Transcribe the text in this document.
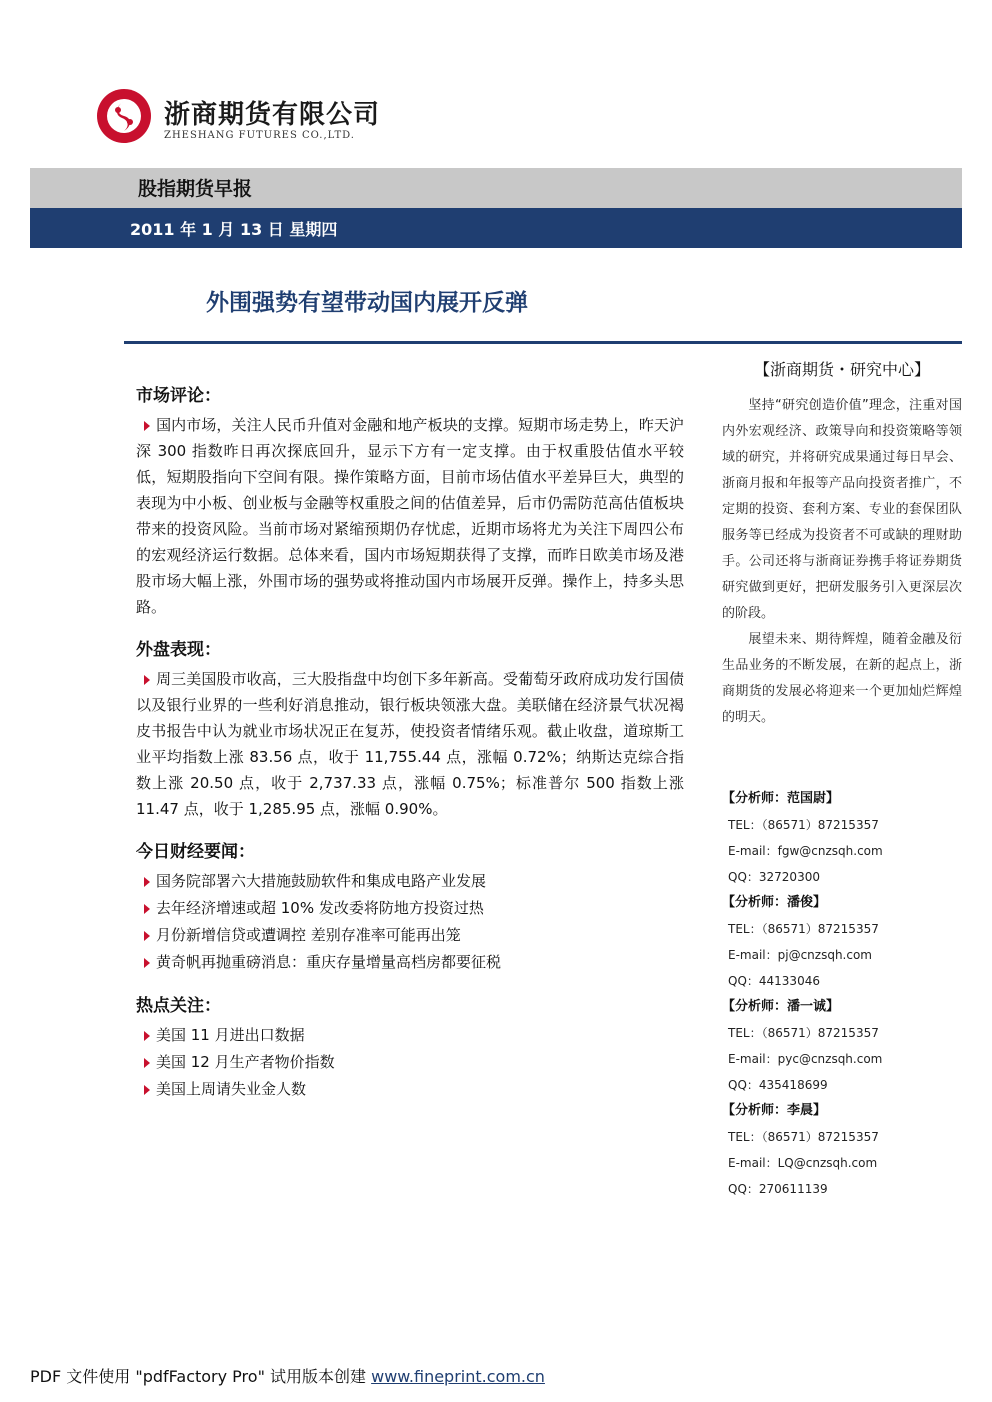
浙商期货有限公司
ZHESHANG FUTURES CO.,LTD.
股指期货早报
2011 年 1 月 13 日 星期四
外围强势有望带动国内展开反弹
市场评论：

国内市场，关注人民币升值对金融和地产板块的支撑。短期市场走势上，昨天沪深 300 指数昨日再次探底回升，显示下方有一定支撑。由于权重股估值水平较低，短期股指向下空间有限。操作策略方面，目前市场估值水平差异巨大，典型的表现为中小板、创业板与金融等权重股之间的估值差异，后市仍需防范高估值板块带来的投资风险。当前市场对紧缩预期仍存忧虑，近期市场将尤为关注下周四公布的宏观经济运行数据。总体来看，国内市场短期获得了支撑，而昨日欧美市场及港股市场大幅上涨，外围市场的强势或将推动国内市场展开反弹。操作上，持多头思路。

外盘表现：

周三美国股市收高，三大股指盘中均创下多年新高。受葡萄牙政府成功发行国债以及银行业界的一些利好消息推动，银行板块领涨大盘。美联储在经济景气状况褐皮书报告中认为就业市场状况正在复苏，使投资者情绪乐观。截止收盘，道琼斯工业平均指数上涨 83.56 点，收于 11,755.44 点，涨幅 0.72%；纳斯达克综合指数上涨 20.50 点，收于 2,737.33 点，涨幅 0.75%；标准普尔 500 指数上涨 11.47 点，收于 1,285.95 点，涨幅 0.90%。

今日财经要闻：
国务院部署六大措施鼓励软件和集成电路产业发展
去年经济增速或超 10% 发改委将防地方投资过热
月份新增信贷或遭调控 差别存准率可能再出笼
黄奇帆再抛重磅消息：重庆存量增量高档房都要征税
热点关注：
美国 11 月进出口数据
美国 12 月生产者物价指数
美国上周请失业金人数
【浙商期货・研究中心】

坚持“研究创造价值”理念，注重对国内外宏观经济、政策导向和投资策略等领域的研究，并将研究成果通过每日早会、浙商月报和年报等产品向投资者推广，不定期的投资、套利方案、专业的套保团队服务等已经成为投资者不可或缺的理财助手。公司还将与浙商证券携手将证券期货研究做到更好，把研发服务引入更深层次的阶段。

展望未来、期待辉煌，随着金融及衍生品业务的不断发展，在新的起点上，浙商期货的发展必将迎来一个更加灿烂辉煌的明天。

【分析师：范国尉】
TEL：（86571）87215357
E-mail：fgw@cnzsqh.com
QQ：32720300
【分析师：潘俊】
TEL：（86571）87215357
E-mail：pj@cnzsqh.com
QQ：44133046
【分析师：潘一诚】
TEL：（86571）87215357
E-mail：pyc@cnzsqh.com
QQ：435418699
【分析师：李晨】
TEL：（86571）87215357
E-mail：LQ@cnzsqh.com
QQ：270611139
PDF 文件使用 "pdfFactory Pro" 试用版本创建 www.fineprint.com.cn
